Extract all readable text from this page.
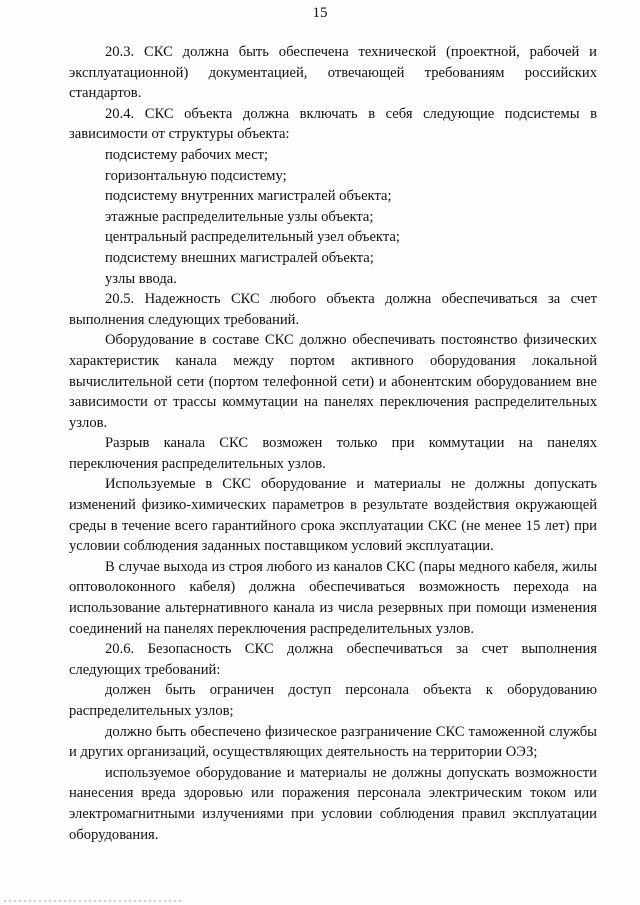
15

20.3. СКС должна быть обеспечена технической (проектной, рабочей и эксплуатационной) документацией, отвечающей требованиям российских стандартов.

20.4. СКС объекта должна включать в себя следующие подсистемы в зависимости от структуры объекта:

подсистему рабочих мест;

горизонтальную подсистему;

подсистему внутренних магистралей объекта;

этажные распределительные узлы объекта;

центральный распределительный узел объекта;

подсистему внешних магистралей объекта;

узлы ввода.

20.5. Надежность СКС любого объекта должна обеспечиваться за счет выполнения следующих требований.

Оборудование в составе СКС должно обеспечивать постоянство физических характеристик канала между портом активного оборудования локальной вычислительной сети (портом телефонной сети) и абонентским оборудованием вне зависимости от трассы коммутации на панелях переключения распределительных узлов.

Разрыв канала СКС возможен только при коммутации на панелях переключения распределительных узлов.

Используемые в СКС оборудование и материалы не должны допускать изменений физико-химических параметров в результате воздействия окружающей среды в течение всего гарантийного срока эксплуатации СКС (не менее 15 лет) при условии соблюдения заданных поставщиком условий эксплуатации.

В случае выхода из строя любого из каналов СКС (пары медного кабеля, жилы оптоволоконного кабеля) должна обеспечиваться возможность перехода на использование альтернативного канала из числа резервных при помощи изменения соединений на панелях переключения распределительных узлов.

20.6. Безопасность СКС должна обеспечиваться за счет выполнения следующих требований:

должен быть ограничен доступ персонала объекта к оборудованию распределительных узлов;

должно быть обеспечено физическое разграничение СКС таможенной службы и других организаций, осуществляющих деятельность на территории ОЭЗ;

используемое оборудование и материалы не должны допускать возможности нанесения вреда здоровью или поражения персонала электрическим током или электромагнитными излучениями при условии соблюдения правил эксплуатации оборудования.
